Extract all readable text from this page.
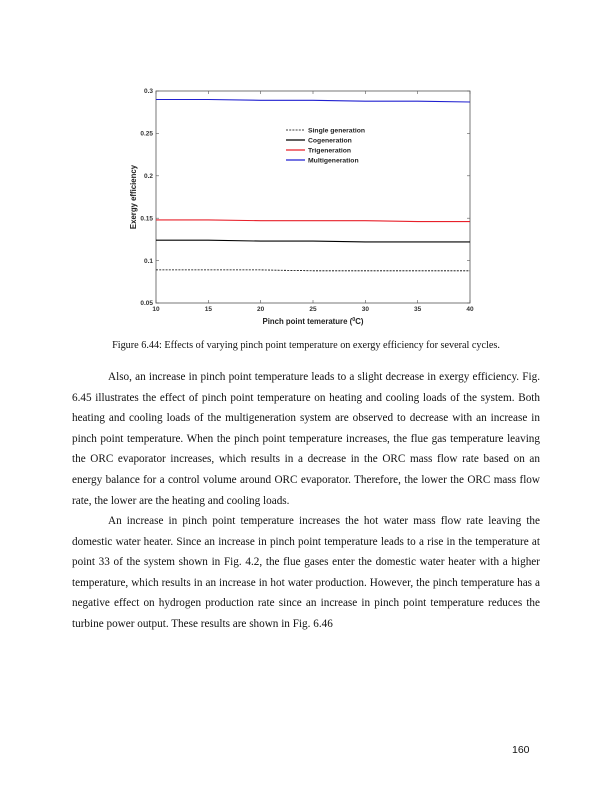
10	15	20	25	30	35	40
0.05
0.1
0.15
0.2
0.25
0.3
Single generation
Cogeneration
Trigeneration
Multigeneration
Pinch point temerature ($^0$C)
Exergy efficiency
Figure 6.44: Effects of varying pinch point temperature on exergy efficiency for several cycles.
Also, an increase in pinch point temperature leads to a slight decrease in exergy efficiency. Fig. 6.45 illustrates the effect of pinch point temperature on heating and cooling loads of the system. Both heating and cooling loads of the multigeneration system are observed to decrease with an increase in pinch point temperature. When the pinch point temperature increases, the flue gas temperature leaving the ORC evaporator increases, which results in a decrease in the ORC mass flow rate based on an energy balance for a control volume around ORC evaporator. Therefore, the lower the ORC mass flow rate, the lower are the heating and cooling loads.
An increase in pinch point temperature increases the hot water mass flow rate leaving the domestic water heater. Since an increase in pinch point temperature leads to a rise in the temperature at point 33 of the system shown in Fig. 4.2, the flue gases enter the domestic water heater with a higher temperature, which results in an increase in hot water production. However, the pinch temperature has a negative effect on hydrogen production rate since an increase in pinch point temperature reduces the turbine power output. These results are shown in Fig. 6.46
160
